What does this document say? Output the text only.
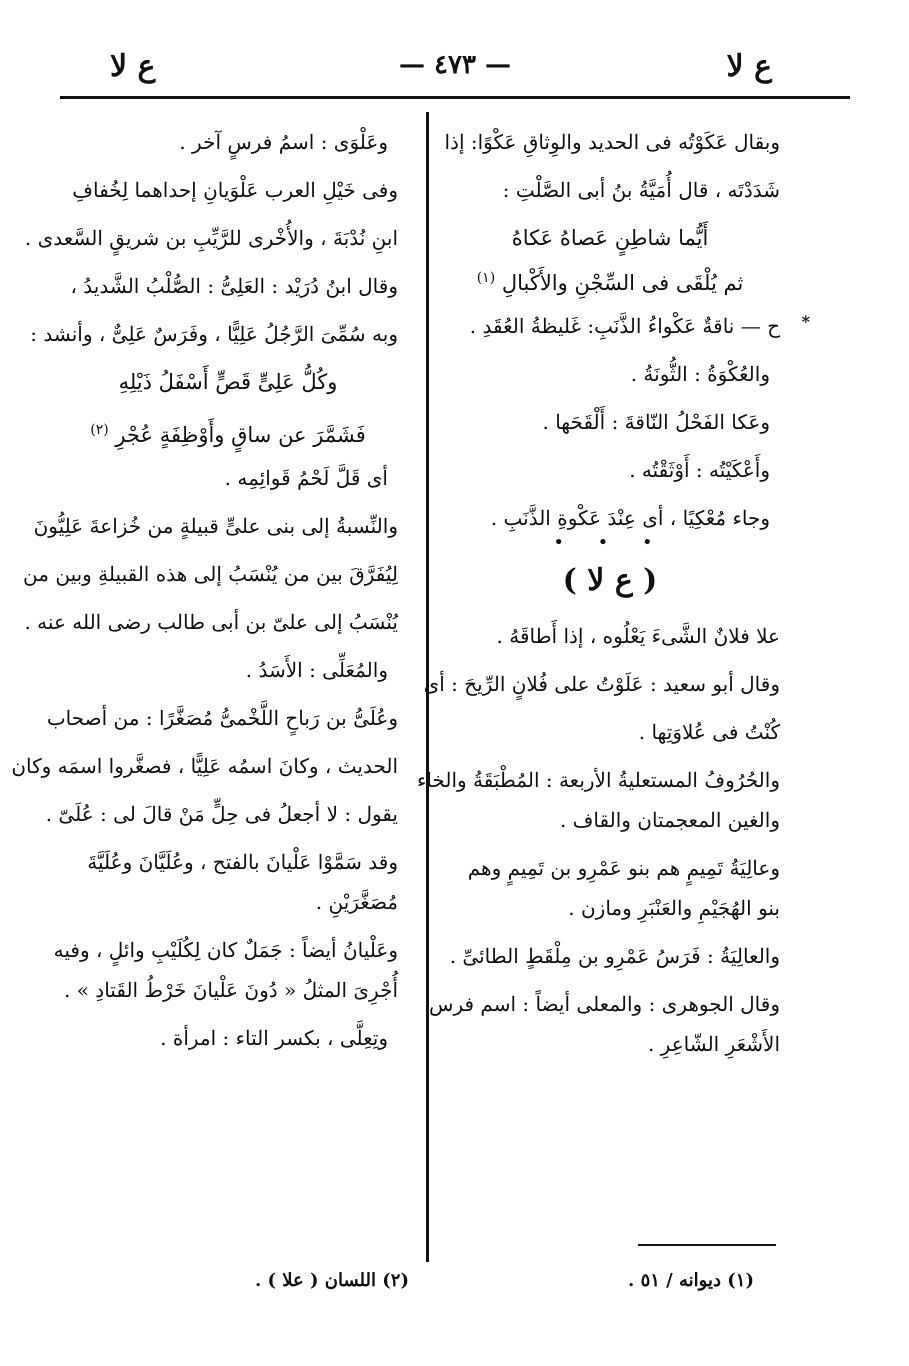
ع لا
— ٤٧٣ —
ع لا

وبقال عَكَوْتُه فى الحديد والوِثاقِ عَكْوًا: إذا

شَدَدْتَه ، قال أُمَيَّةُ بنُ أبى الصَّلْتِ :

أَيُّما شاطِنٍ عَصاهُ عَكاهُ

ثم يُلْقَى فى السِّجْنِ والأَكْبالِ $^{(١)}$

*

ح — ناقةٌ عَكْواءُ الذَّنَبِ: غَليظةُ العُقَدِ .

والعُكْوَةُ : الثُّونَةُ .

وعَكا الفَحْلُ النّاقةَ : أَلْقَحَها .

وأَعْكَيْتُه : أَوْثَقْتُه .

وجاء مُعْكِيًا ، أى عِنْدَ عَكْوةِ الذَّنَبِ .

• • •
( ع لا )

علا فلانٌ الشَّىءَ يَعْلُوه ، إذا أَطاقَهُ .

وقال أبو سعيد : عَلَوْتُ على فُلانٍ الرِّيحَ : أى

كُنْتُ فى عُلاوَتِها .

والحُرُوفُ المستعليةُ الأربعة : المُطْبَقَةُ والخاء

والغين المعجمتان والقاف .

وعالِيَةُ تَمِيمٍ هم بنو عَمْرِو بن تَمِيمٍ وهم

بنو الهُجَيْمِ والعَنْبَرِ ومازن .

والعالِيَةُ : فَرَسُ عَمْرِو بن مِلْقَطٍ الطائىِّ .

وقال الجوهرى : والمعلى أيضاً : اسم فرس

الأَشْعَرِ الشّاعِرِ .

وعَلْوَى : اسمُ فرسٍ آخر .

وفى خَيْلِ العرب عَلْوَيانِ إحداهما لِخُفافِ

ابنِ نُدْبَةَ ، والأُخْرى للرَّيِّبِ بن شريقٍ السَّعدى .

وقال ابنُ دُرَيْد : العَلِىُّ : الصُّلْبُ الشَّديدُ ،

وبه سُمِّىَ الرَّجُلُ عَلِيًّا ، وفَرَسٌ عَلِىٌّ ، وأنشد :

وكُلُّ عَلِىٍّ قَصٍّ أَسْفَلُ ذَيْلِهِ

فَشَمَّرَ عن ساقٍ وأَوْظِفَةٍ عُجْرِ $^{(٢)}$

أى قَلَّ لَحْمُ قَوائِمِه .

والنِّسبةُ إلى بنى علىٍّ قبيلةٍ من خُزاعةَ عَلِيُّونَ

لِيُفَرَّقَ بين من يُنْسَبُ إلى هذه القبيلةِ وبين من

يُنْسَبُ إلى علىّ بن أبى طالب رضى الله عنه .

والمُعَلِّى : الأَسَدُ .

وعُلَىُّ بن رَباحٍ اللَّخْمىُّ مُصَغَّرًا : من أصحاب

الحديث ، وكانَ اسمُه عَلِيًّا ، فصغَّروا اسمَه وكان

يقول : لا أجعلُ فى حِلٍّ مَنْ قالَ لى : عُلَىّ .

وقد سَمَّوْا عَلْيانَ بالفتح ، وعُلَيَّانَ وعُلَيَّةَ

مُصَغَّرَيْنِ .

وعَلْيانُ أيضاً : جَمَلٌ كان لِكُلَيْبِ وائلٍ ، وفيه

أُجْرِىَ المثلُ « دُونَ عَلْيانَ خَرْطُ القَتادِ » .

وتِعِلَّى ، بكسر التاء : امرأة .

(١) ديوانه / ٥١ .
(٢) اللسان ( علا ) .
